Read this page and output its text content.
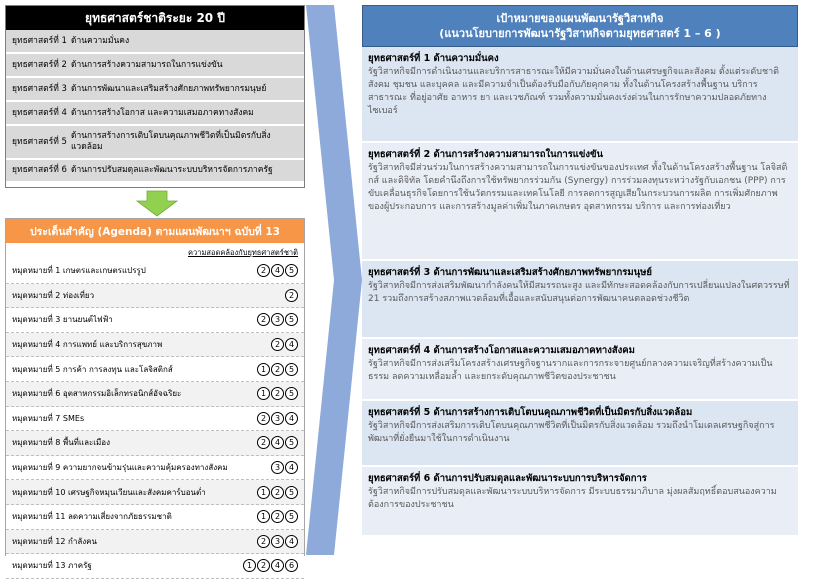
ยุทธศาสตร์ชาติระยะ 20 ปี
ยุทธศาสตร์ที่ 1 ด้านความมั่นคง
ยุทธศาสตร์ที่ 2 ด้านการสร้างความสามารถในการแข่งขัน
ยุทธศาสตร์ที่ 3 ด้านการพัฒนาและเสริมสร้างศักยภาพทรัพยากรมนุษย์
ยุทธศาสตร์ที่ 4 ด้านการสร้างโอกาส และความเสมอภาคทางสังคม
ยุทธศาสตร์ที่ 5
ด้านการสร้างการเติบโตบนคุณภาพชีวิตที่เป็นมิตรกับสิ่งแวดล้อม
ยุทธศาสตร์ที่ 6 ด้านการปรับสมดุลและพัฒนาระบบบริหารจัดการภาครัฐ
ประเด็นสำคัญ (Agenda) ตามแผนพัฒนาฯ ฉบับที่ 13
ความสอดคล้องกับยุทธศาสตร์ชาติ
หมุดหมายที่ 1 เกษตรและเกษตรแปรรูป	2	4	5
หมุดหมายที่ 2 ท่องเที่ยว	2
หมุดหมายที่ 3 ยานยนต์ไฟฟ้า	2	3	5
หมุดหมายที่ 4 การแพทย์ และบริการสุขภาพ	2	4
หมุดหมายที่ 5 การค้า การลงทุน และโลจิสติกส์	1	2	5
หมุดหมายที่ 6 อุตสาหกรรมอิเล็กทรอนิกส์อัจฉริยะ	1	2	5
หมุดหมายที่ 7 SMEs	2	3	4
หมุดหมายที่ 8 พื้นที่และเมือง	2	4	5
หมุดหมายที่ 9 ความยากจนข้ามรุ่นและความคุ้มครองทางสังคม	3	4
หมุดหมายที่ 10 เศรษฐกิจหมุนเวียนและสังคมคาร์บอนต่ำ	1	2	5
หมุดหมายที่ 11 ลดความเสี่ยงจากภัยธรรมชาติ	1	2	5
หมุดหมายที่ 12 กำลังคน	2	3	4
หมุดหมายที่ 13 ภาครัฐ	1	2	4	6
เป้าหมายของแผนพัฒนารัฐวิสาหกิจ
(แนวนโยบายการพัฒนารัฐวิสาหกิจตามยุทธศาสตร์ 1 – 6 )
ยุทธศาสตร์ที่ 1 ด้านความมั่นคง
รัฐวิสาหกิจมีการดำเนินงานและบริการสาธารณะให้มีความมั่นคงในด้านเศรษฐกิจและสังคม ตั้งแต่ระดับชาติ สังคม ชุมชน และบุคคล และมีความจำเป็นต้องรับมือกับภัยคุกคาม ทั้งในด้านโครงสร้างพื้นฐาน บริการสาธารณะ ที่อยู่อาศัย อาหาร ยา และเวชภัณฑ์ รวมทั้งความมั่นคงเร่งด่วนในการรักษาความปลอดภัยทางไซเบอร์
ยุทธศาสตร์ที่ 2 ด้านการสร้างความสามารถในการแข่งขัน
รัฐวิสาหกิจมีส่วนร่วมในการสร้างความสามารถในการแข่งขันของประเทศ ทั้งในด้านโครงสร้างพื้นฐาน โลจิสติกส์ และดิจิทัล โดยคำนึงถึงการใช้ทรัพยากรร่วมกัน (Synergy) การร่วมลงทุนระหว่างรัฐกับเอกชน (PPP) การขับเคลื่อนธุรกิจโดยการใช้นวัตกรรมและเทคโนโลยี การลดการสูญเสียในกระบวนการผลิต การเพิ่มศักยภาพของผู้ประกอบการ และการสร้างมูลค่าเพิ่มในภาคเกษตร อุตสาหกรรม บริการ และการท่องเที่ยว
ยุทธศาสตร์ที่ 3 ด้านการพัฒนาและเสริมสร้างศักยภาพทรัพยากรมนุษย์
รัฐวิสาหกิจมีการส่งเสริมพัฒนากำลังคนให้มีสมรรถนะสูง และมีทักษะสอดคล้องกับการเปลี่ยนแปลงในศตวรรษที่ 21 รวมถึงการสร้างสภาพแวดล้อมที่เอื้อและสนับสนุนต่อการพัฒนาคนตลอดช่วงชีวิต
ยุทธศาสตร์ที่ 4 ด้านการสร้างโอกาสและความเสมอภาคทางสังคม
รัฐวิสาหกิจมีการส่งเสริมโครงสร้างเศรษฐกิจฐานรากและการกระจายศูนย์กลางความเจริญที่สร้างความเป็นธรรม ลดความเหลื่อมล้ำ และยกระดับคุณภาพชีวิตของประชาชน
ยุทธศาสตร์ที่ 5 ด้านการสร้างการเติบโตบนคุณภาพชีวิตที่เป็นมิตรกับสิ่งแวดล้อม
รัฐวิสาหกิจมีการส่งเสริมการเติบโตบนคุณภาพชีวิตที่เป็นมิตรกับสิ่งแวดล้อม รวมถึงนำโมเดลเศรษฐกิจสู่การพัฒนาที่ยั่งยืนมาใช้ในการดำเนินงาน
ยุทธศาสตร์ที่ 6 ด้านการปรับสมดุลและพัฒนาระบบการบริหารจัดการ
รัฐวิสาหกิจมีการปรับสมดุลและพัฒนาระบบบริหารจัดการ มีระบบธรรมาภิบาล มุ่งผลสัมฤทธิ์ตอบสนองความต้องการของประชาชน
